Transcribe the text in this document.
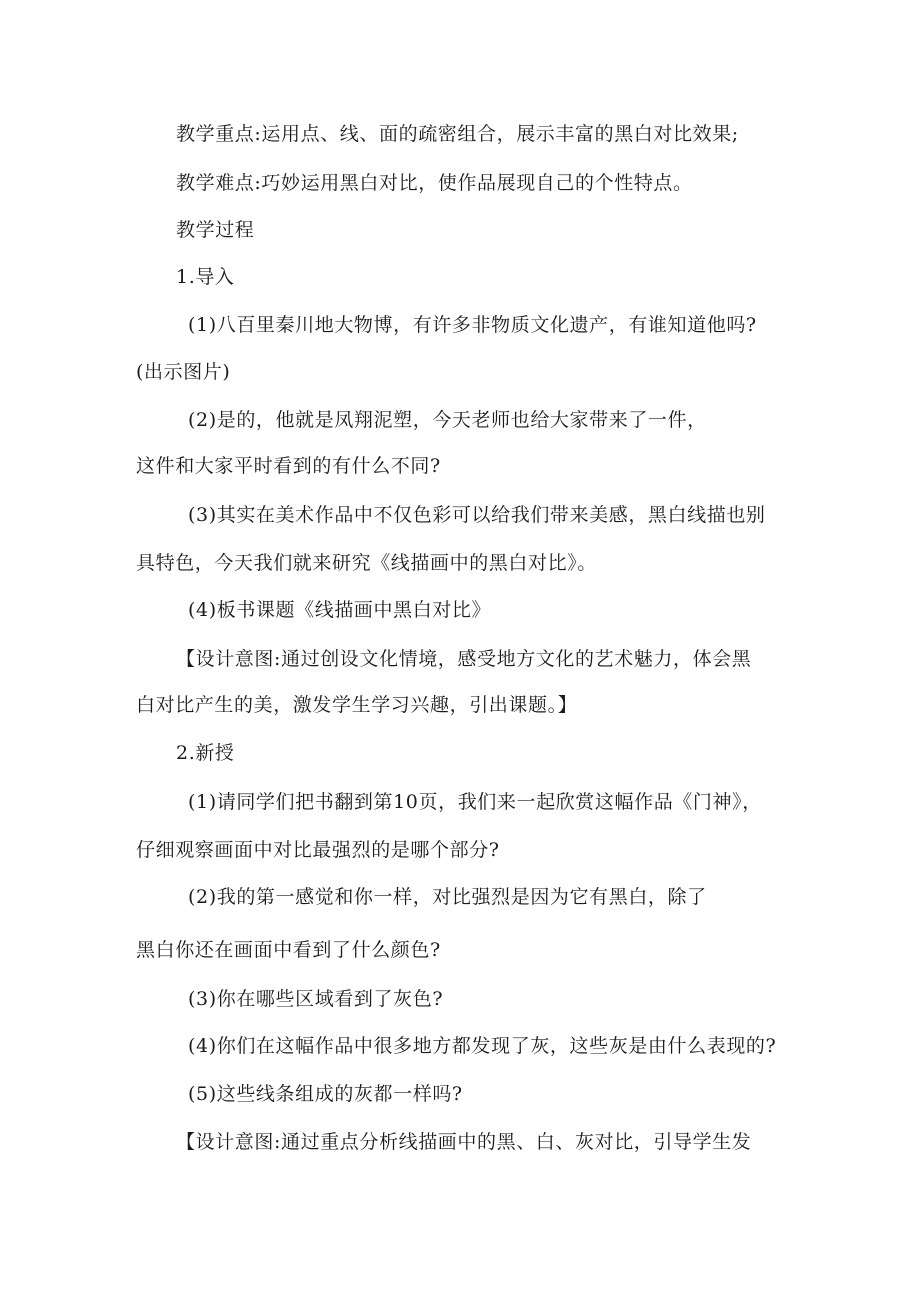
教学重点:运用点、线、面的疏密组合，展示丰富的黑白对比效果;
教学难点:巧妙运用黑白对比，使作品展现自己的个性特点。
教学过程
1.导入
(1)八百里秦川地大物博，有许多非物质文化遗产，有谁知道他吗?
(出示图片)
(2)是的，他就是凤翔泥塑，今天老师也给大家带来了一件，
这件和大家平时看到的有什么不同?
(3)其实在美术作品中不仅色彩可以给我们带来美感，黑白线描也别
具特色，今天我们就来研究《线描画中的黑白对比》。
(4)板书课题《线描画中黑白对比》
【设计意图:通过创设文化情境，感受地方文化的艺术魅力，体会黑
白对比产生的美，激发学生学习兴趣，引出课题。】
2.新授
(1)请同学们把书翻到第10页，我们来一起欣赏这幅作品《门神》，
仔细观察画面中对比最强烈的是哪个部分?
(2)我的第一感觉和你一样，对比强烈是因为它有黑白，除了
黑白你还在画面中看到了什么颜色?
(3)你在哪些区域看到了灰色?
(4)你们在这幅作品中很多地方都发现了灰，这些灰是由什么表现的?
(5)这些线条组成的灰都一样吗?
【设计意图:通过重点分析线描画中的黑、白、灰对比，引导学生发
